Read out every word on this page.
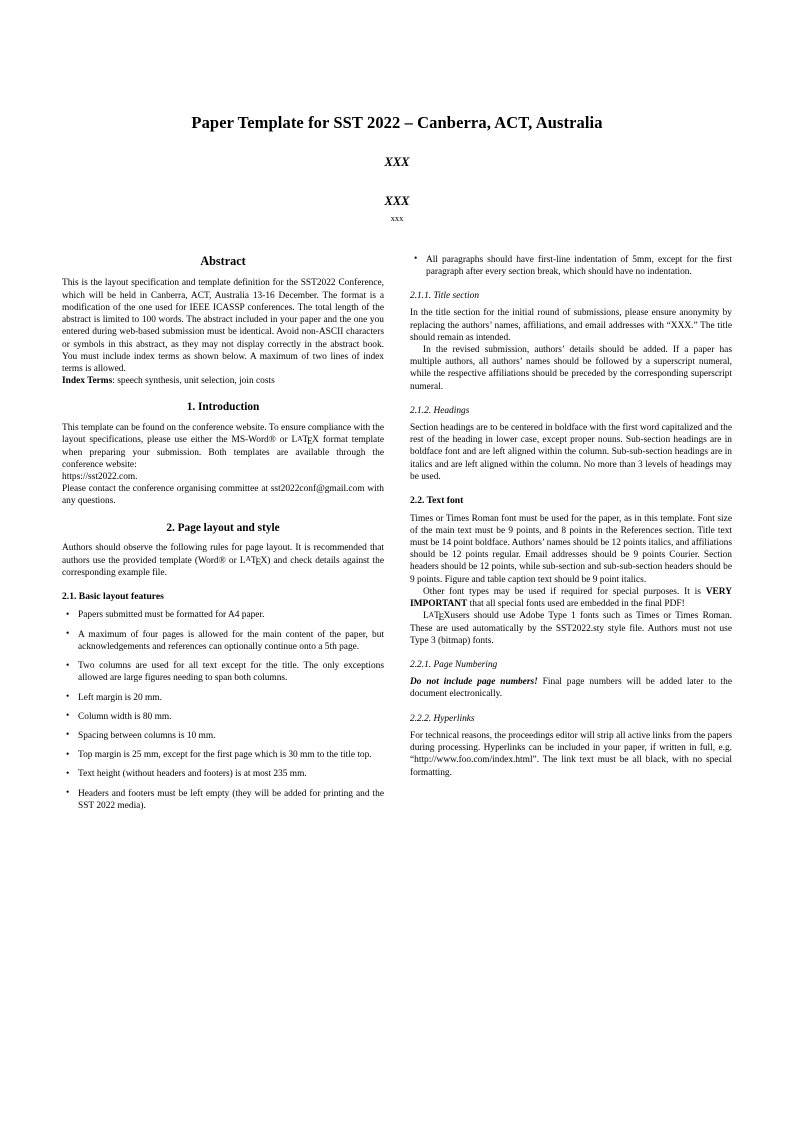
Paper Template for SST 2022 – Canberra, ACT, Australia

XXX

XXX

xxx

Abstract

This is the layout specification and template definition for the SST2022 Conference, which will be held in Canberra, ACT, Australia 13-16 December. The format is a modification of the one used for IEEE ICASSP conferences. The total length of the abstract is limited to 100 words. The abstract included in your paper and the one you entered during web-based submission must be identical. Avoid non-ASCII characters or symbols in this abstract, as they may not display correctly in the abstract book. You must include index terms as shown below. A maximum of two lines of index terms is allowed.

Index Terms: speech synthesis, unit selection, join costs

1. Introduction

This template can be found on the conference website. To ensure compliance with the layout specifications, please use either the MS-Word® or LATEX format template when preparing your submission. Both templates are available through the conference website:

https://sst2022.com.

Please contact the conference organising committee at sst2022conf@gmail.com with any questions.

2. Page layout and style

Authors should observe the following rules for page layout. It is recommended that authors use the provided template (Word® or LATEX) and check details against the corresponding example file.

2.1. Basic layout features
• Papers submitted must be formatted for A4 paper.
• A maximum of four pages is allowed for the main content of the paper, but acknowledgements and references can optionally continue onto a 5th page.
• Two columns are used for all text except for the title. The only exceptions allowed are large figures needing to span both columns.
• Left margin is 20 mm.
• Column width is 80 mm.
• Spacing between columns is 10 mm.
• Top margin is 25 mm, except for the first page which is 30 mm to the title top.
• Text height (without headers and footers) is at most 235 mm.
• Headers and footers must be left empty (they will be added for printing and the SST 2022 media).
• All paragraphs should have first-line indentation of 5mm, except for the first paragraph after every section break, which should have no indentation.
2.1.1. Title section

In the title section for the initial round of submissions, please ensure anonymity by replacing the authors’ names, affiliations, and email addresses with “XXX.” The title should remain as intended.

In the revised submission, authors’ details should be added. If a paper has multiple authors, all authors’ names should be followed by a superscript numeral, while the respective affiliations should be preceded by the corresponding superscript numeral.

2.1.2. Headings

Section headings are to be centered in boldface with the first word capitalized and the rest of the heading in lower case, except proper nouns. Sub-section headings are in boldface font and are left aligned within the column. Sub-sub-section headings are in italics and are left aligned within the column. No more than 3 levels of headings may be used.

2.2. Text font

Times or Times Roman font must be used for the paper, as in this template. Font size of the main text must be 9 points, and 8 points in the References section. Title text must be 14 point boldface. Authors’ names should be 12 points italics, and affiliations should be 12 points regular. Email addresses should be 9 points Courier. Section headers should be 12 points, while sub-section and sub-sub-section headers should be 9 points. Figure and table caption text should be 9 point italics.

Other font types may be used if required for special purposes. It is VERY IMPORTANT that all special fonts used are embedded in the final PDF!

LATEXusers should use Adobe Type 1 fonts such as Times or Times Roman. These are used automatically by the SST2022.sty style file. Authors must not use Type 3 (bitmap) fonts.

2.2.1. Page Numbering

Do not include page numbers! Final page numbers will be added later to the document electronically.

2.2.2. Hyperlinks

For technical reasons, the proceedings editor will strip all active links from the papers during processing. Hyperlinks can be included in your paper, if written in full, e.g. “http://www.foo.com/index.html”. The link text must be all black, with no special formatting.
